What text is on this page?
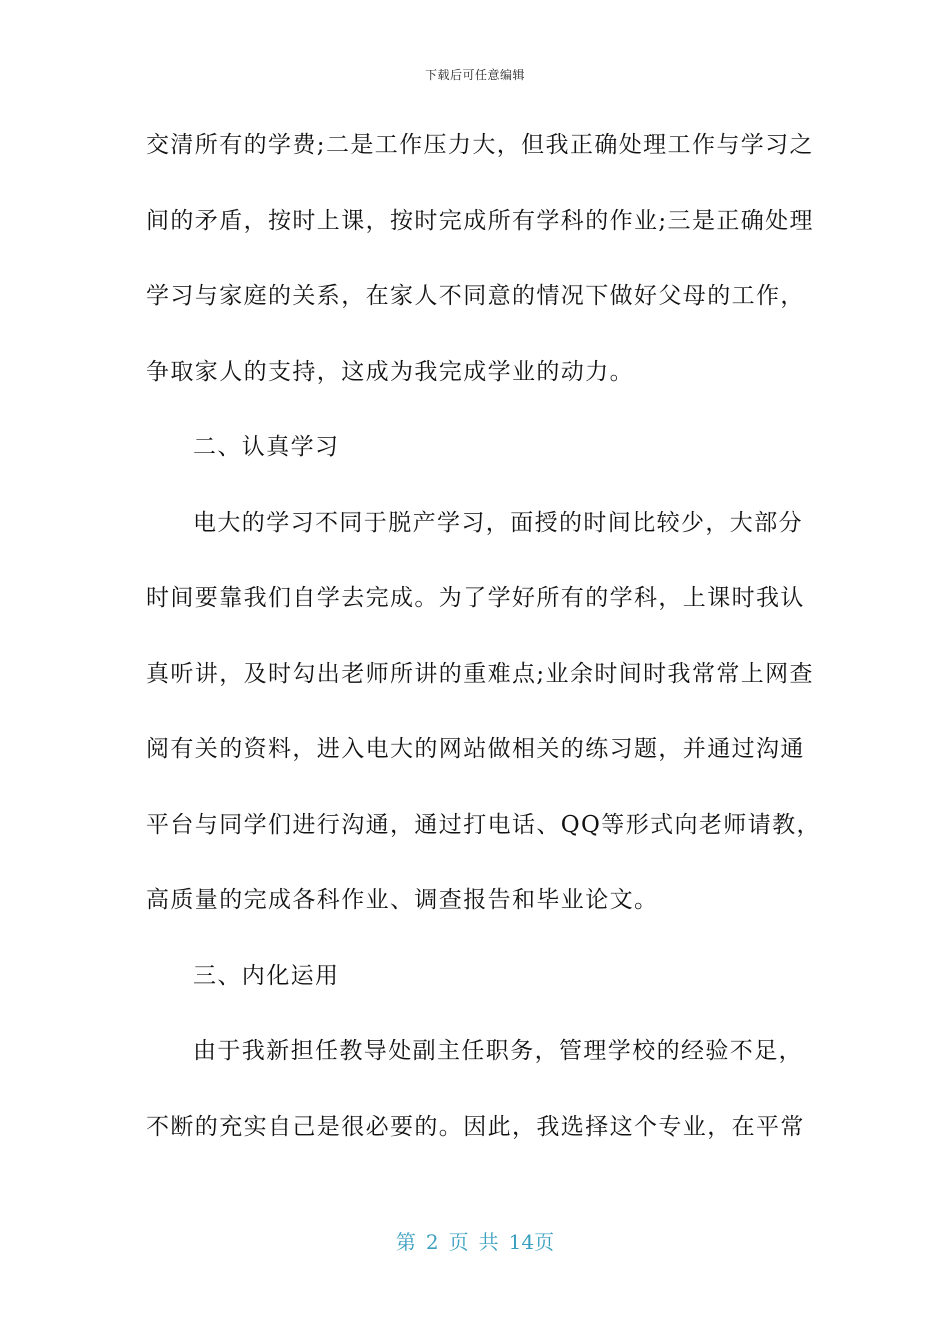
下载后可任意编辑
交清所有的学费;二是工作压力大，但我正确处理工作与学习之
间的矛盾，按时上课，按时完成所有学科的作业;三是正确处理
学习与家庭的关系，在家人不同意的情况下做好父母的工作，
争取家人的支持，这成为我完成学业的动力。
二、认真学习
电大的学习不同于脱产学习，面授的时间比较少，大部分
时间要靠我们自学去完成。为了学好所有的学科，上课时我认
真听讲，及时勾出老师所讲的重难点;业余时间时我常常上网查
阅有关的资料，进入电大的网站做相关的练习题，并通过沟通
平台与同学们进行沟通，通过打电话、QQ等形式向老师请教，
高质量的完成各科作业、调查报告和毕业论文。
三、内化运用
由于我新担任教导处副主任职务，管理学校的经验不足，
不断的充实自己是很必要的。因此，我选择这个专业，在平常
第 2 页 共 14页
